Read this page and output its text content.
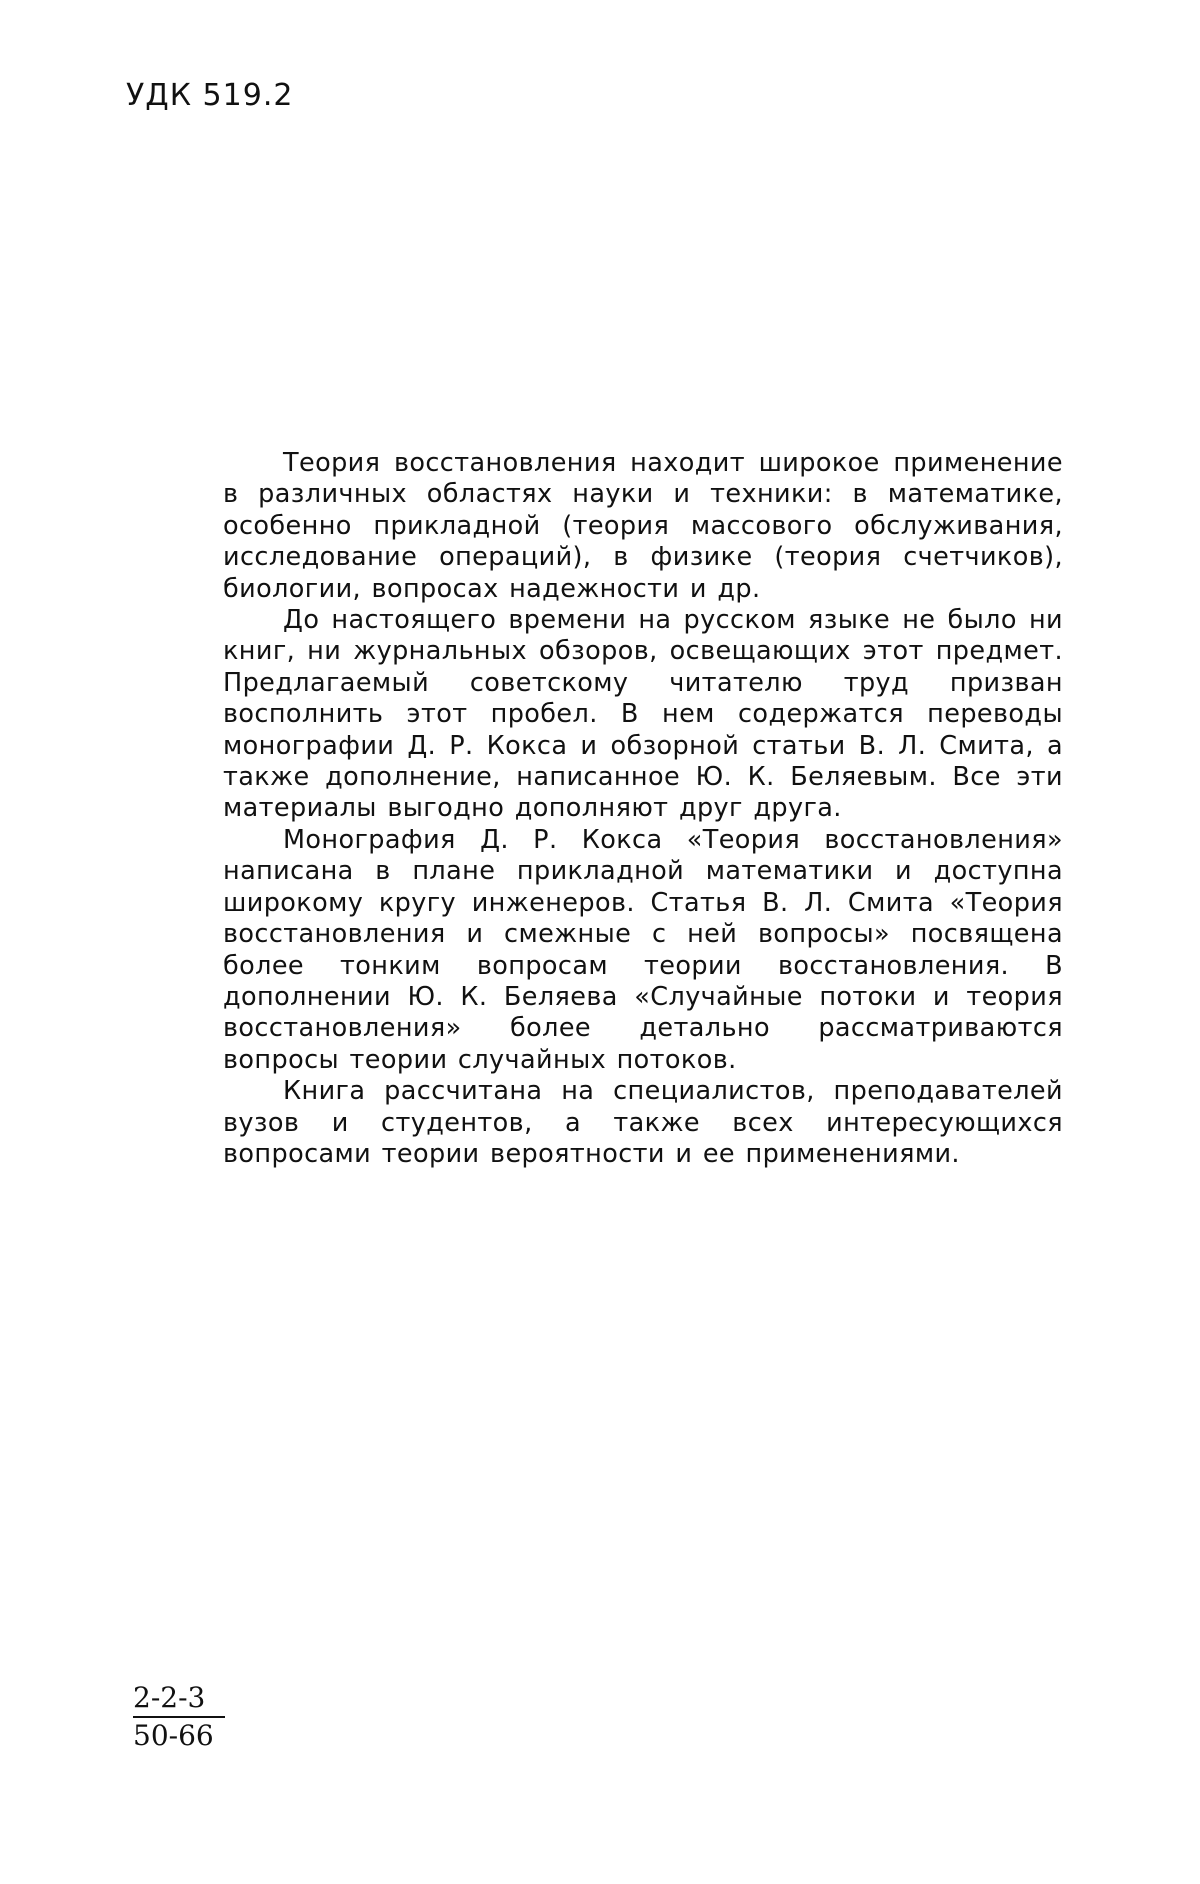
УДК 519.2

Теория восстановления находит широкое применение в различных областях науки и техники: в математике, особенно прикладной (теория массового обслуживания, исследование операций), в физике (теория счетчиков), биологии, вопросах надежности и др.

До настоящего времени на русском языке не было ни книг, ни журнальных обзоров, освещающих этот предмет. Предлагаемый советскому читателю труд призван восполнить этот пробел. В нем содержатся переводы монографии Д. Р. Кокса и обзорной статьи В. Л. Смита, а также дополнение, написанное Ю. К. Беляевым. Все эти материалы выгодно дополняют друг друга.

Монография Д. Р. Кокса «Теория восстановления» написана в плане прикладной математики и доступна широкому кругу инженеров. Статья В. Л. Смита «Теория восстановления и смежные с ней вопросы» посвящена более тонким вопросам теории восстановления. В дополнении Ю. К. Беляева «Случайные потоки и теория восстановления» более детально рассматриваются вопросы теории случайных потоков.

Книга рассчитана на специалистов, преподавателей вузов и студентов, а также всех интересующихся вопросами теории вероятности и ее применениями.

2-2-3
50-66
